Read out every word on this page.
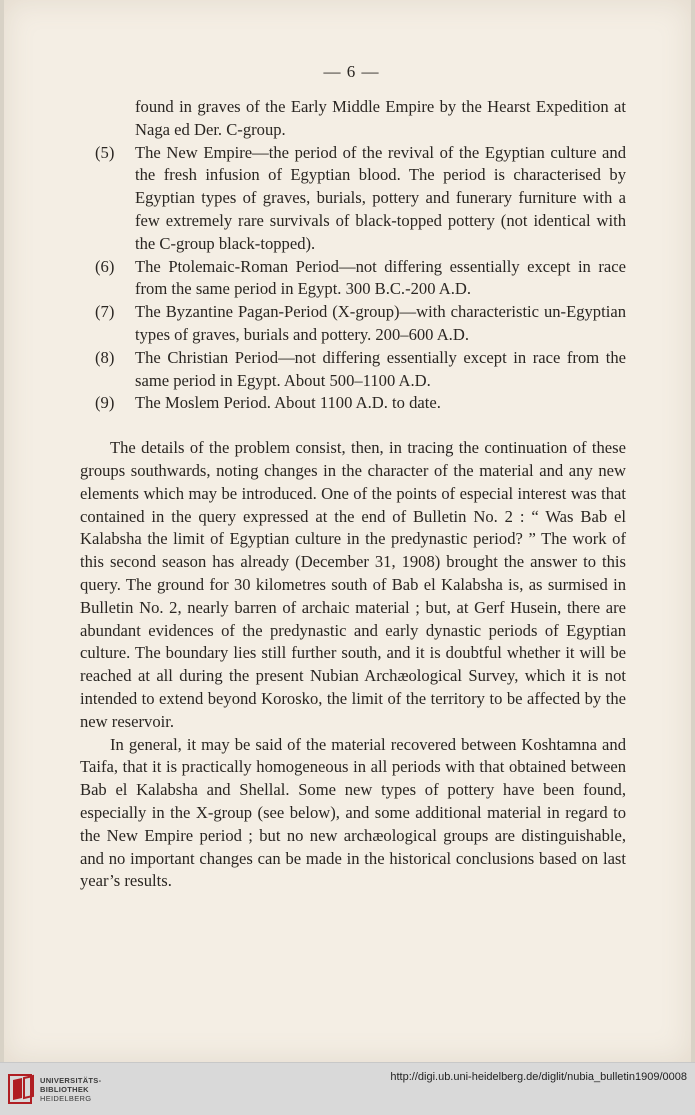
— 6 —
found in graves of the Early Middle Empire by the Hearst Expedition at Naga ed Der. C-group.

(5) The New Empire—the period of the revival of the Egyptian culture and the fresh infusion of Egyptian blood. The period is characterised by Egyptian types of graves, burials, pottery and funerary furniture with a few extremely rare survivals of black-topped pottery (not identical with the C-group black-topped).

(6) The Ptolemaic-Roman Period—not differing essentially except in race from the same period in Egypt. 300 B.C.-200 A.D.

(7) The Byzantine Pagan-Period (X-group)—with characteristic un-Egyptian types of graves, burials and pottery. 200–600 A.D.

(8) The Christian Period—not differing essentially except in race from the same period in Egypt. About 500–1100 A.D.

(9) The Moslem Period. About 1100 A.D. to date.

The details of the problem consist, then, in tracing the continuation of these groups southwards, noting changes in the character of the material and any new elements which may be introduced. One of the points of especial interest was that contained in the query expressed at the end of Bulletin No. 2 : “ Was Bab el Kalabsha the limit of Egyptian culture in the predynastic period? ” The work of this second season has already (December 31, 1908) brought the answer to this query. The ground for 30 kilometres south of Bab el Kalabsha is, as surmised in Bulletin No. 2, nearly barren of archaic material ; but, at Gerf Husein, there are abundant evidences of the predynastic and early dynastic periods of Egyptian culture. The boundary lies still further south, and it is doubtful whether it will be reached at all during the present Nubian Archæological Survey, which it is not intended to extend beyond Korosko, the limit of the territory to be affected by the new reservoir.

In general, it may be said of the material recovered between Koshtamna and Taifa, that it is practically homogeneous in all periods with that obtained between Bab el Kalabsha and Shellal. Some new types of pottery have been found, especially in the X-group (see below), and some additional material in regard to the New Empire period ; but no new archæological groups are distinguishable, and no important changes can be made in the historical conclusions based on last year’s results.

UNIVERSITÄTS-
BIBLIOTHEK
HEIDELBERG
http://digi.ub.uni-heidelberg.de/diglit/nubia_bulletin1909/0008
